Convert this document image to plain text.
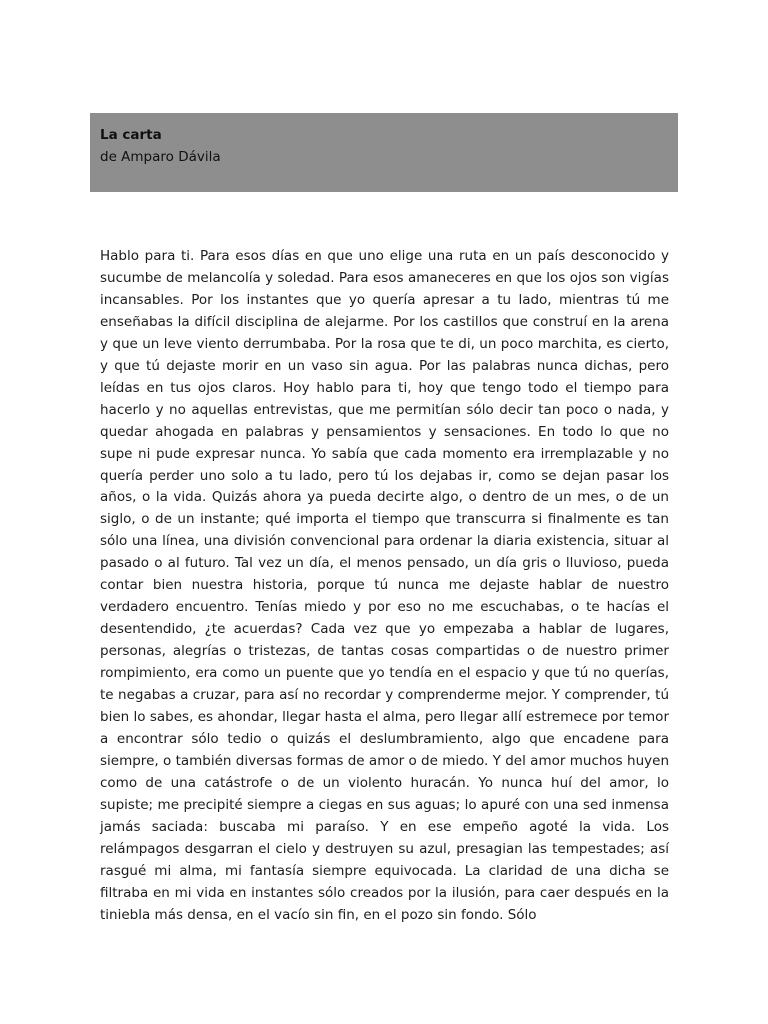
La carta

de Amparo Dávila

Hablo para ti. Para esos días en que uno elige una ruta en un país desconocido y sucumbe de melancolía y soledad. Para esos amaneceres en que los ojos son vigías incansables. Por los instantes que yo quería apresar a tu lado, mientras tú me enseñabas la difícil disciplina de alejarme. Por los castillos que construí en la arena y que un leve viento derrumbaba. Por la rosa que te di, un poco marchita, es cierto, y que tú dejaste morir en un vaso sin agua. Por las palabras nunca dichas, pero leídas en tus ojos claros. Hoy hablo para ti, hoy que tengo todo el tiempo para hacerlo y no aquellas entrevistas, que me permitían sólo decir tan poco o nada, y quedar ahogada en palabras y pensamientos y sensaciones. En todo lo que no supe ni pude expresar nunca. Yo sabía que cada momento era irremplazable y no quería perder uno solo a tu lado, pero tú los dejabas ir, como se dejan pasar los años, o la vida. Quizás ahora ya pueda decirte algo, o dentro de un mes, o de un siglo, o de un instante; qué importa el tiempo que transcurra si finalmente es tan sólo una línea, una división convencional para ordenar la diaria existencia, situar al pasado o al futuro. Tal vez un día, el menos pensado, un día gris o lluvioso, pueda contar bien nuestra historia, porque tú nunca me dejaste hablar de nuestro verdadero encuentro. Tenías miedo y por eso no me escuchabas, o te hacías el desentendido, ¿te acuerdas? Cada vez que yo empezaba a hablar de lugares, personas, alegrías o tristezas, de tantas cosas compartidas o de nuestro primer rompimiento, era como un puente que yo tendía en el espacio y que tú no querías, te negabas a cruzar, para así no recordar y comprenderme mejor. Y comprender, tú bien lo sabes, es ahondar, llegar hasta el alma, pero llegar allí estremece por temor a encontrar sólo tedio o quizás el deslumbramiento, algo que encadene para siempre, o también diversas formas de amor o de miedo. Y del amor muchos huyen como de una catástrofe o de un violento huracán. Yo nunca huí del amor, lo supiste; me precipité siempre a ciegas en sus aguas; lo apuré con una sed inmensa jamás saciada: buscaba mi paraíso. Y en ese empeño agoté la vida. Los relámpagos desgarran el cielo y destruyen su azul, presagian las tempestades; así rasgué mi alma, mi fantasía siempre equivocada. La claridad de una dicha se filtraba en mi vida en instantes sólo creados por la ilusión, para caer después en la tiniebla más densa, en el vacío sin fin, en el pozo sin fondo. Sólo
